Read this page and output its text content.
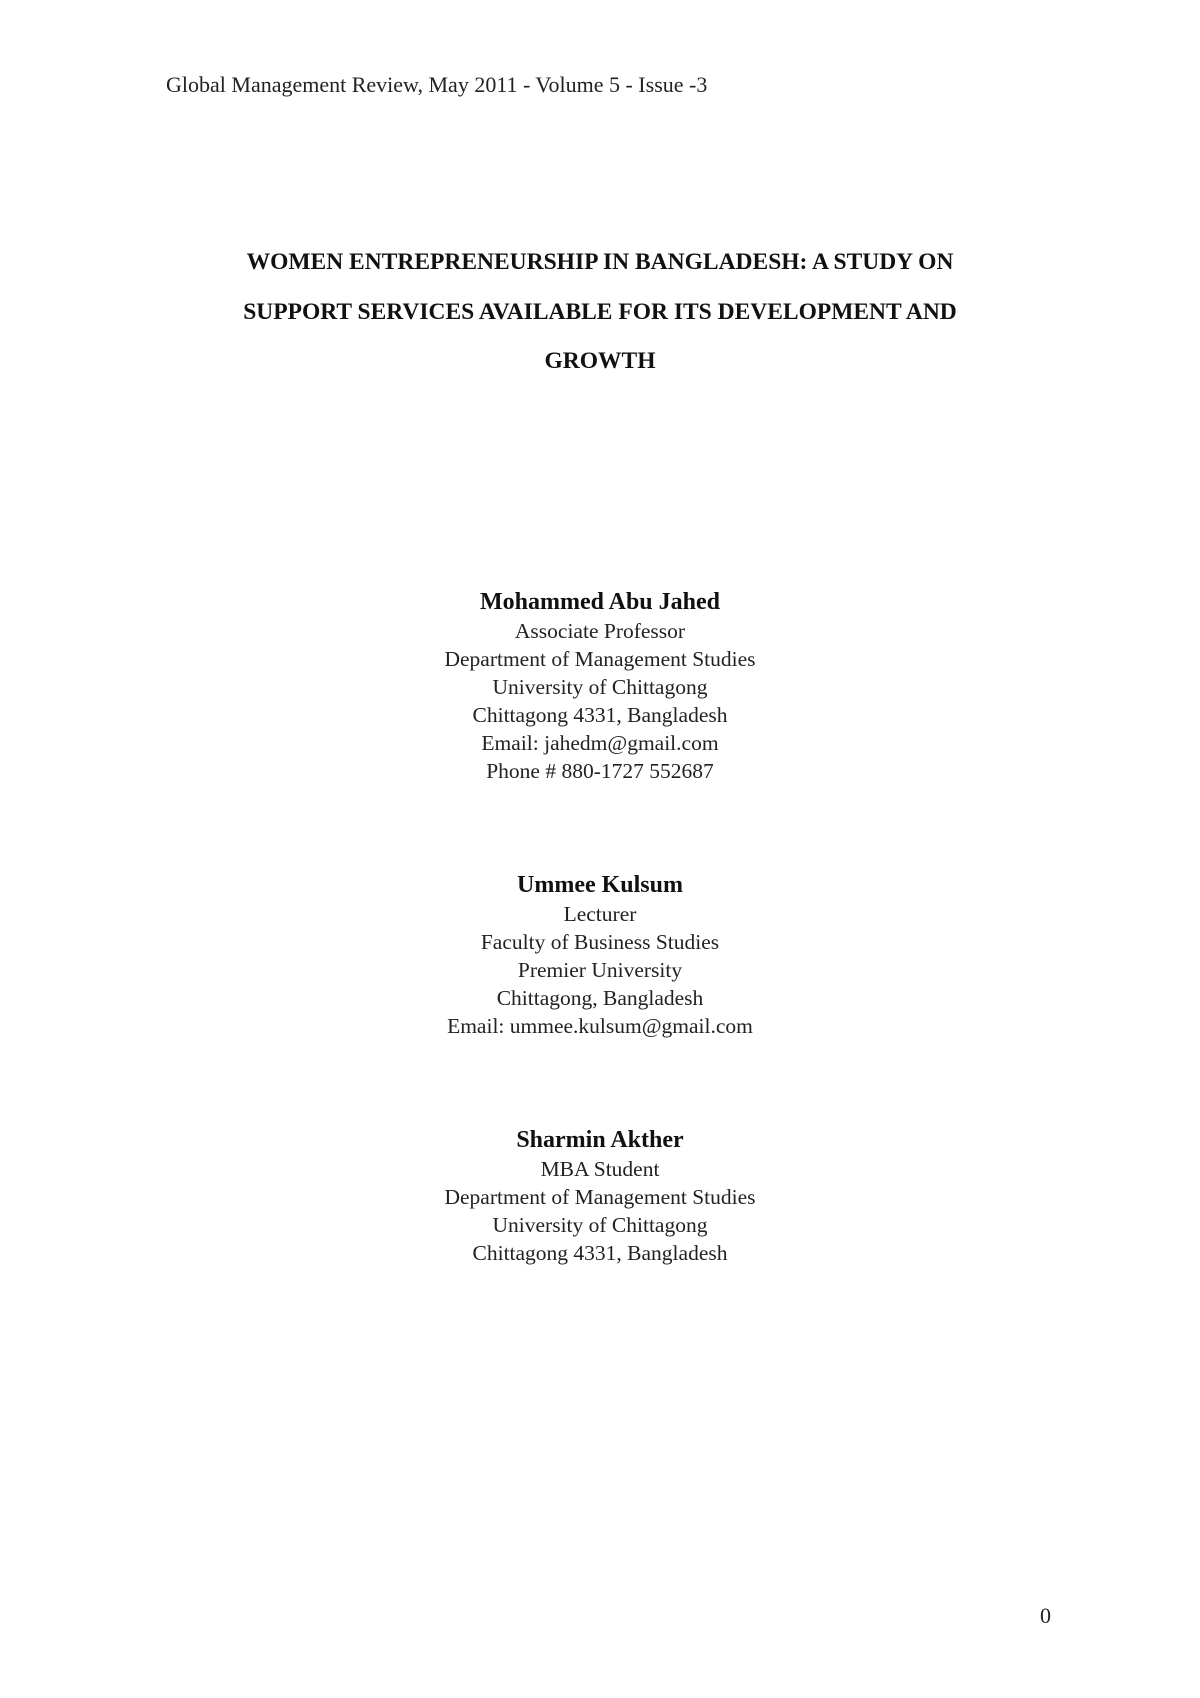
Global Management Review, May 2011 - Volume 5 - Issue -3
WOMEN ENTREPRENEURSHIP IN BANGLADESH: A STUDY ON
SUPPORT SERVICES AVAILABLE FOR ITS DEVELOPMENT AND
GROWTH
Mohammed Abu Jahed
Associate Professor
Department of Management Studies
University of Chittagong
Chittagong 4331, Bangladesh
Email: jahedm@gmail.com
Phone # 880-1727 552687
Ummee Kulsum
Lecturer
Faculty of Business Studies
Premier University
Chittagong, Bangladesh
Email: ummee.kulsum@gmail.com
Sharmin Akther
MBA Student
Department of Management Studies
University of Chittagong
Chittagong 4331, Bangladesh
0
